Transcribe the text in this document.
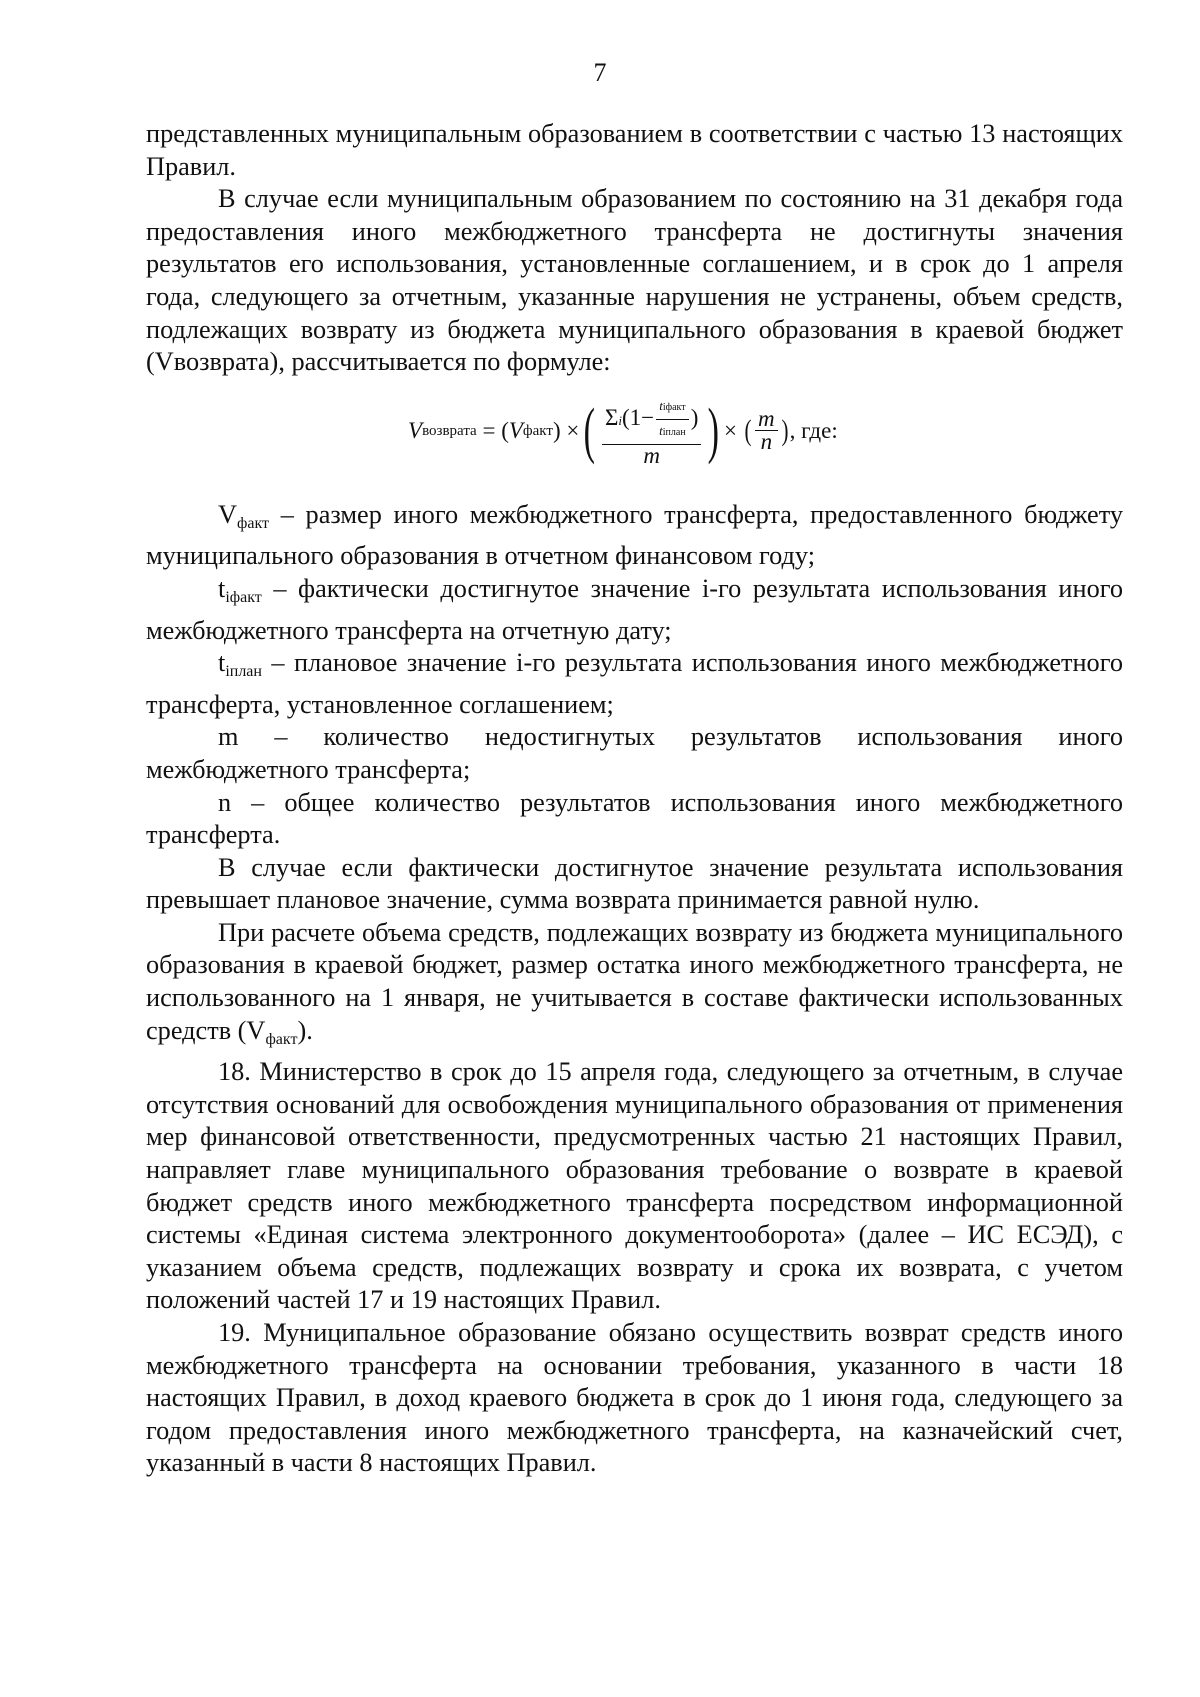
7

представленных муниципальным образованием в соответствии с частью 13 настоящих Правил.

В случае если муниципальным образованием по состоянию на 31 декабря года предоставления иного межбюджетного трансферта не достигнуты значения результатов его использования, установленные соглашением, и в срок до 1 апреля года, следующего за отчетным, указанные нарушения не устранены, объем средств, подлежащих возврату из бюджета муниципального образования в краевой бюджет (Vвозврата), рассчитывается по формуле:

V возврата = ( V факт ) × ( $\frac{\Sigma i(1- \frac{\text{tiфакт}}{\text{tiплан}} )}{m}$ ) × ( $\frac{m}{n}$ ) , где:

$V_{факт}$ – размер иного межбюджетного трансферта, предоставленного бюджету муниципального образования в отчетном финансовом году;

$t_{iфакт}$ – фактически достигнутое значение i-го результата использования иного межбюджетного трансферта на отчетную дату;

$t_{iплан}$ – плановое значение i-го результата использования иного межбюджетного трансферта, установленное соглашением;

m – количество недостигнутых результатов использования иного межбюджетного трансферта;

n – общее количество результатов использования иного межбюджетного трансферта.

В случае если фактически достигнутое значение результата использования превышает плановое значение, сумма возврата принимается равной нулю.

При расчете объема средств, подлежащих возврату из бюджета муниципального образования в краевой бюджет, размер остатка иного межбюджетного трансферта, не использованного на 1 января, не учитывается в составе фактически использованных средств $(V_{факт})$.

18. Министерство в срок до 15 апреля года, следующего за отчетным, в случае отсутствия оснований для освобождения муниципального образования от применения мер финансовой ответственности, предусмотренных частью 21 настоящих Правил, направляет главе муниципального образования требование о возврате в краевой бюджет средств иного межбюджетного трансферта посредством информационной системы «Единая система электронного документооборота» (далее – ИС ЕСЭД), с указанием объема средств, подлежащих возврату и срока их возврата, с учетом положений частей 17 и 19 настоящих Правил.

19. Муниципальное образование обязано осуществить возврат средств иного межбюджетного трансферта на основании требования, указанного в части 18 настоящих Правил, в доход краевого бюджета в срок до 1 июня года, следующего за годом предоставления иного межбюджетного трансферта, на казначейский счет, указанный в части 8 настоящих Правил.
